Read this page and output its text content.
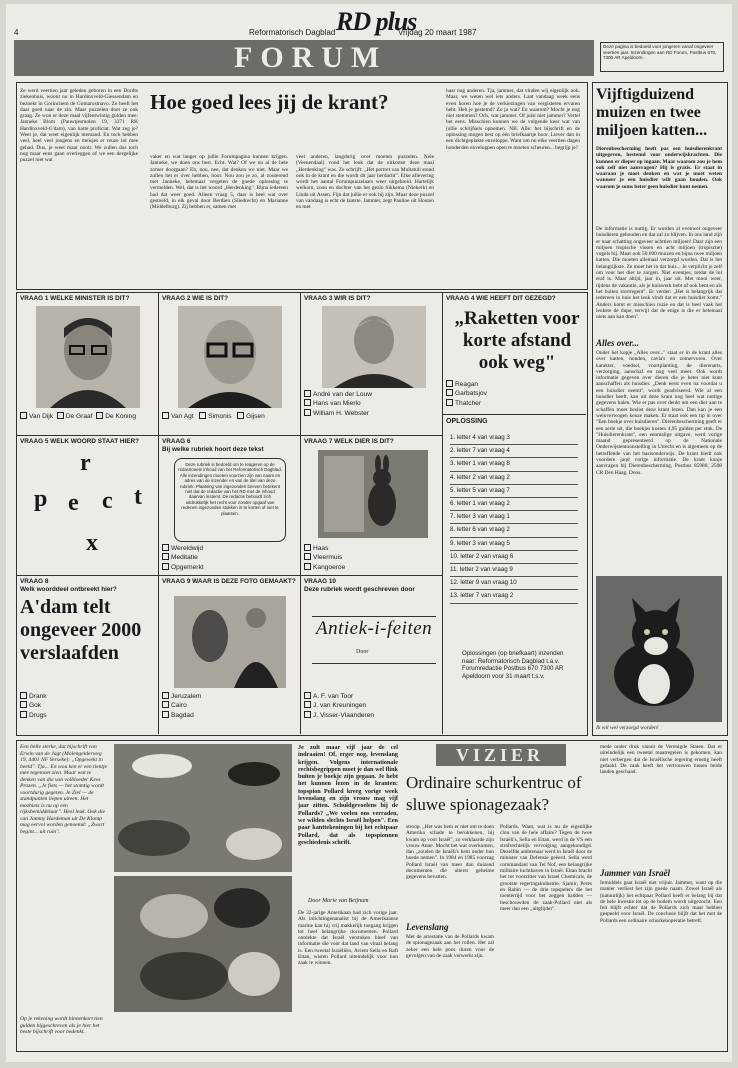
4	Reformatorisch Dagblad RD plus
Vrijdag 20 maart 1987
FORUM	Deze pagina is bedoeld voor jongeren vanaf ongeveer veertien jaar. Inzendingen aan RD Forum, Postbus 670, 7300 AR Apeldoorn.
Ze werd veertien jaar geleden geboren in een Dordts ziekenhuis, woont nu in Hardinxveld-Giessendam en bezoekt in Gorinchem de Gomarusmavo. Ze heeft het daar goed naar de zin. Maar puzzelen doet ze ook graag. Ze won er deze maal vijfentwintig gulden mee: Janneke Blom (Pauwtjesmolen 19, 3371 RK Hardinxveld-G'dam), van harte proficiat. Wat zeg je? Weet je, dat weet eigenlijk niemand. En toch hebben veel, heel veel jongens en meisjes er reuze lol mee gehad. Dus, je weet maar nooit. We zullen dus toch nog maar eens gaan overleggen of we een dergelijke puzzel niet wat
Hoe goed lees jij de krant?
vaker en wat langer op jullie Forumpagina kunnen krijgen. Janneke, we doen ons best. Echt. Wat? Of we nu al de hele zomer doorgaan? Eh, nou, nee, dat denken we niet. Maar we zullen het er over hebben, hoor. Nou zou je zo, al zouterend met Janneke, helemaal vergeten de goede oplossing te vermelden. Wel, dat is het woord „Herdenking". Bijna iedereen had dat weer goed. Alleen vraag 5, daar is heel wat over gestoeld, in elk geval door Berdien (Sliedrecht) en Marianne (Middelburg). Zij hebben er, samen met
veel anderen, langdurig over moeten puzzelen. Nele (Veenendaal) vond het leuk dat de uitkomst deze maal „Herdenking" was. Ze schrijft: „Het portret van Multatuli stond ook in de krant en die wordt dit jaar herdacht". Elke aflevering wordt het aantal Forumpuzzelaars weer uitgebreid. Hartelijk welkom, zoon en dochter van het gezin Sikkema (Niekerk) en Linda uit Assen. Fijn dat jullie er ook bij zijn. Maar deze puzzel van vandaag is echt de laatste. Jammer, zegt Pauline uit Houten en met
haar nog anderen. Tja, jammer, dat vinden wij eigenlijk ook. Maar, we weten wel iets anders. Laat vandaag week eens even horen hoe je de verkiezingen van vergisteren ervaren hebt. Heb je gestemd? Zo ja wat? En waarom? Mocht je nog niet stemmen? Och, wat jammer. Of juist niet jammer? Vertel het eens. Misschien kunnen we de volgende keer wat van jullie schrijfsels opnemen. NB. Alle: het bijschrift en de oplossing mogen best op één briefkaartje hoor. Liever dan in een dichtgeplakte enveloppe. Want om nu elke veertien dagen honderden enveloppen open te moeten scheuren... begrijp je?
Vijftigduizend muizen en twee miljoen katten...
Dierenbescherming heeft pas een huisdierenkrant uitgegeven, bestemd voor onderwijskrachten. Die kunnen er dieper op ingaan. Maar waarom zou je hem ook zelf niet aanvragen? Hij is gratis. Er staat in waaraan je moet denken en wat je moet weten wanneer je een huisdier wilt gaan houden. Ook waarom je soms beter geen huisdier kunt nemen.
De informatie is nuttig. Er worden al evenwel ongeveer huisdieren gehouden en dat zal zo blijven. In ons land zijn er naar schatting ongeveer achttien miljoen! Daar zijn een miljoen tropische vissen en acht miljoen (tropische) vogels bij. Maar ook 50.000 muizen en bijna twee miljoen katten. Die moeten allemaal verzorgd worden. Dat is het belangrijkste. Ze moet het in dat huis... Je verplicht je zelf om voor het dier te zorgen. Niet eventjes, totdat de lol eraf is. Maar altijd, jaar in, jaar uit. Met mooi weer, tijdens de vakantie, als je huiswerk hebt of ook bent en als het buiten stortregent". Er verder: „Het is belangrijk dat iedereen in huis het leuk vindt dat er een huisdier komt." Anders komt er misschien ruzie en dat is heel vaak het leukste de dupe, terwijl dat de enige is die er helemaal niets aan kan doen".
Alles over...
Onder het kopje „Alles over..." staat er in de krant alles over katten, honden, cavia's en zomervoren. Over karakter, voedsel, voortplanting, de dierenarts, verzorging, aanschaf en nog veel meer. Ook wordt informatie gegeven over dieren die je beter niet kunt aanschaffen als huisdier. „Denk eerst even na voordat u een huisdier neemt", wordt geadviseerd. Wie al een huisdier heeft, kan uit deze krant nog heel wat nuttige gegevens halen. Wie er pas over denkt om een dier aan te schaffen moet beslist deze krant lezen. Dan kan je een weloverwogen keuze maken. Er staat ook een tip in over "Een boekje over huisdieren". Dierenbescherming geeft er een serie uit, die boekjes kosten 4,95 gulden per stuk. De "Huisdierenkrant", een eenmalige uitgave, werd vorige maand gepresenteerd op de Nationale Onderwijstentoonstelling in Utrecht en is algemeen op de betreffende van het basisonderwijs. De krant biedt ook voordere jaqd vorige informatie. De krant kunje aanvragen bij Dierenbescherming, Postbus 85980, 2508 CR Den Haag. Doos.
Ik wil wel verzorgd worden!
VRAAG 1 WELKE MINISTER IS DIT?
Van Dijk De Graaf De Koning
VRAAG 2 WIE IS DIT?
Van Agt Simonis Gijsen
VRAAG 3 WIR IS DIT?
André van der Louw
Hans van Mierlo
William H. Webster
VRAAG 4 WIE HEEFT DIT GEZEGD?
„Raketten voor korte afstand ook weg"
Reagan
Garbatsjov
Thatcher
VRAAG 5 WELK WOORD STAAT HIER?
r
p e c t
x
VRAAG 6
Bij welke rubriek hoort deze tekst
Deze rubriek is bedoeld om te reageren op de redactionele inhoud van het Reformatorisch Dagblad. Alle inzendingen moeten voorzien zijn van naam en adres van de inzender en van de titel van deze rubriek. Plaatsing van ingezonden brieven betekent niet dat de redactie van het RD met de inhoud daarvan instemt. De redactie behoudt zich uitdrukkelijk het recht voor zonder opgaaf van redenen ingezonden stukken in te korten of niet te plaatsen.
Wereldwijd
Meditatie
Opgemerkt
VRAAG 7 WELK DIER IS DIT?
Haas
Vleermuis
Kangoeroe
OPLOSSING
1. letter 4 van vraag 3
2. letter 7 van vraag 4
3. letter 1 van vraag 8
4. letter 2 van vraag 2
5. letter 5 van vraag 7
6. letter 1 van vraag 2
7. letter 3 van vraag 1
8. letter 6 van vraag 2
9. letter 3 van vraag 5
10. letter 2 van vraag 6
11. letter 2 van vraag 9
12. letter 9 van vraag 10
13. letter 7 van vraag 2
Oplossingen (op briefkaart) inzenden naar: Reformatorisch Dagblad t.a.v. Forumredactie Postbus 670 7300 AR Apeldoorn voor 31 maart t.s.v.
VRAAG 8
Welk woorddeel ontbreekt hier?
A'dam telt ongeveer 2000 verslaafden
Drank
Gok
Drugs
VRAAG 9 WAAR IS DEZE FOTO GEMAAKT?
Jeruzalem
Cairo
Bagdad
VRAAG 10
Deze rubriek wordt geschreven door
Antiek-i-feiten
Door
A. F. van Toor
J. van Kreuningen
J. Visser-Vlaanderen
Een belle sterke, dat bijschrift van Erwin van de Jagt (Molengelderweg 19, 4401 NF Yerseke): „Opgewekt in beeld". Tja... En wou ken er een tientje mee tegemoet zien. Maar wat te denken van die van volbloeder Kees Prozen. „Je fiets — het stomtig wordt voortdurig gegeten. Je Ziel — de standpunten liepen uiteen. Het mozhiets is nu op een rijksbemiddelaar". Heel leuk. Ook die van Jammy Hardeman uit De Klomp mag eervol worden genoemd: „Zwart begint... uit ruin".
Op je rekening wordt binnenkort tien gulden bijgeschreven als je hier het beste bijschrift voor bedenkt.
Je zult maar vijf jaar de cel indraaien! Of, erger nog, levenslang krijgen. Volgens internationale rechtsbegrippen moet je dan wel flink buiten je boekje zijn gegaan. Je hebt het kunnen lezen in de kranten: topspion Pollard kreeg vorige week levenslang en zijn vrouw mag vijf jaar zitten. Schuldgevoelens bij de Pollards? „We voelen ons verraden, we wilden slechts Israël helpen". Een paar kanttekeningen bij het echtpaar Pollard, dat als topspionnen geschiedenis schrift.
Door Marie van Beijnum
De 32-jarige Amerikaan had zich vorige jaar. Als inlichtingenanalist bij de Amerikaanse marine kan hij vrij makkelijk toegang krijgen tot heel belangrijke documenten. Pollard ontdekte dat Israël verstoken bleef van informatie die voor dat land van vitaal belang is. Een tweetal Israëliërs, Aviem Sella en Rafi Eitan, wisten Pollard uiteindelijk voor hun zaak te winnen.
VIZIER
Ordinaire schurkentruc of sluwe spionagezaak?
stroop. „Het was hem er niet om te doen Amerika schade te berokkenen, hij kwam op voor Israël", zo verklaarde zijn vrouw Anne. Mocht het wat overkomen, dan „zouden de Israëli's hem onder hun hoede nemen". In 1984 en 1985 voorzag Pollard Israël van meer dan duizend documenten die uiterst geheime gegevens bevatten.
Levenslang
Met de arrestatie van de Pollards kwam de spionagezaak aan het rollen. Het zal zeker een hele poos duren voor de gevolgen van de zaak verwerkt zijn.
Pollards. Want, wat is nu de eigenlijke clou van de hele affaire? Tegen de twee Israëli's, Sella en Eitan, werd in de VS een strafrechtelijk vervolging aangekondigd. Dezelfde ambtenaar werd in Israël door de minister van Defensie geëerd. Sella werd commandant van Tel Nof, een belangrijke militaire luchthaven in Israël. Eitan bracht het tot voorzitter van Israel Chemicals, de grootste regeringsindustrie. Sjamir, Peres en Rabin — de drie topspelers die het toentertijd voor het zeggen hadden — beschouwden de zaak-Pollard niet als meer dan een „uitglijder".
mede onder druk vanuit de Verenigde Staten. Dat er uiteindelijk een tweetal maatregelen is gekomen, kan niet verbergen dat de Israëlische regering ernstig heeft gefaald. De zaak heeft het vertrouwen tussen beide landen geschaad.
Jammer van Israël
Inmiddels gaat Israël niet vrijuit. Jammer, want op die manier verliest het zijn goede naam. Zowel Israël als (natuurlijk) het echtpaar Pollard heeft er belang bij dat de hele kwestie tot op de bodem wordt uitgezocht. Een feit blijft echter dat de Pollards zich maar hebben gespeeld voor Israël. De conclusie blijft dat het met de Pollards een ordinaire schurkenoperatie betreft.
